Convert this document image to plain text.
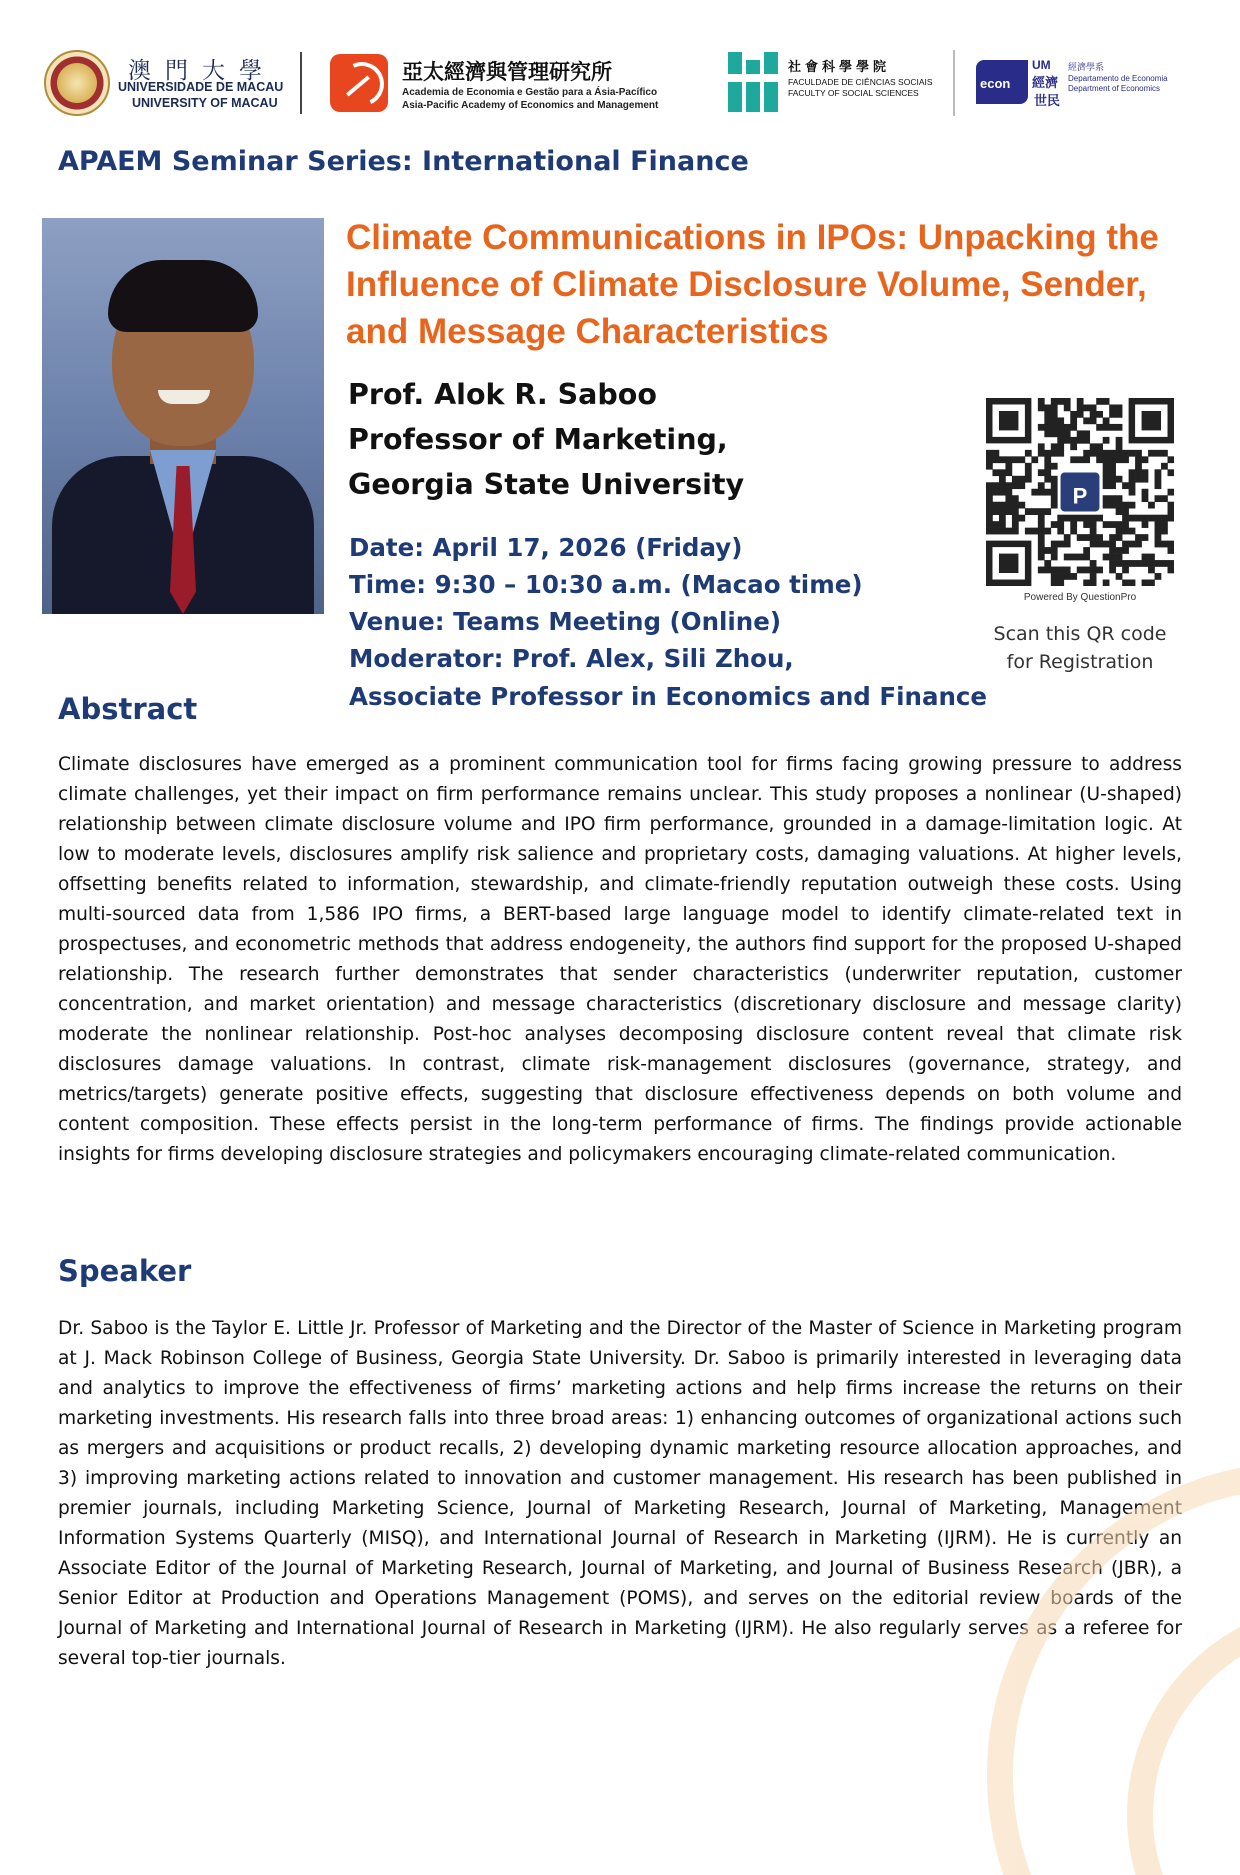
澳門大學
UNIVERSIDADE DE MACAU
UNIVERSITY OF MACAU
亞太經濟與管理研究所
Academia de Economia e Gestão para a Ásia-Pacífico
Asia-Pacific Academy of Economics and Management
社會科學學院
FACULDADE DE CIÊNCIAS SOCIAIS
FACULTY OF SOCIAL SCIENCES
econ
UM
經濟
世民
經濟學系
Departamento de Economia
Department of Economics
APAEM Seminar Series: International Finance
Climate Communications in IPOs: Unpacking the Influence of Climate Disclosure Volume, Sender, and Message Characteristics
Prof. Alok R. Saboo
Professor of Marketing,
Georgia State University
Date: April 17, 2026 (Friday)
Time: 9:30 – 10:30 a.m. (Macao time)
Venue: Teams Meeting (Online)
Moderator: Prof. Alex, Sili Zhou,
Associate Professor in Economics and Finance
P
Powered By QuestionPro
Scan this QR code
for Registration
Abstract

Climate disclosures have emerged as a prominent communication tool for firms facing growing pressure to address climate challenges, yet their impact on firm performance remains unclear. This study proposes a nonlinear (U-shaped) relationship between climate disclosure volume and IPO firm performance, grounded in a damage-limitation logic. At low to moderate levels, disclosures amplify risk salience and proprietary costs, damaging valuations. At higher levels, offsetting benefits related to information, stewardship, and climate-friendly reputation outweigh these costs. Using multi-sourced data from 1,586 IPO firms, a BERT-based large language model to identify climate-related text in prospectuses, and econometric methods that address endogeneity, the authors find support for the proposed U-shaped relationship. The research further demonstrates that sender characteristics (underwriter reputation, customer concentration, and market orientation) and message characteristics (discretionary disclosure and message clarity) moderate the nonlinear relationship. Post-hoc analyses decomposing disclosure content reveal that climate risk disclosures damage valuations. In contrast, climate risk-management disclosures (governance, strategy, and metrics/targets) generate positive effects, suggesting that disclosure effectiveness depends on both volume and content composition. These effects persist in the long-term performance of firms. The findings provide actionable insights for firms developing disclosure strategies and policymakers encouraging climate-related communication.

Speaker

Dr. Saboo is the Taylor E. Little Jr. Professor of Marketing and the Director of the Master of Science in Marketing program at J. Mack Robinson College of Business, Georgia State University. Dr. Saboo is primarily interested in leveraging data and analytics to improve the effectiveness of firms’ marketing actions and help firms increase the returns on their marketing investments. His research falls into three broad areas: 1) enhancing outcomes of organizational actions such as mergers and acquisitions or product recalls, 2) developing dynamic marketing resource allocation approaches, and 3) improving marketing actions related to innovation and customer management. His research has been published in premier journals, including Marketing Science, Journal of Marketing Research, Journal of Marketing, Management Information Systems Quarterly (MISQ), and International Journal of Research in Marketing (IJRM). He is currently an Associate Editor of the Journal of Marketing Research, Journal of Marketing, and Journal of Business Research (JBR), a Senior Editor at Production and Operations Management (POMS), and serves on the editorial review boards of the Journal of Marketing and International Journal of Research in Marketing (IJRM). He also regularly serves as a referee for several top-tier journals.
